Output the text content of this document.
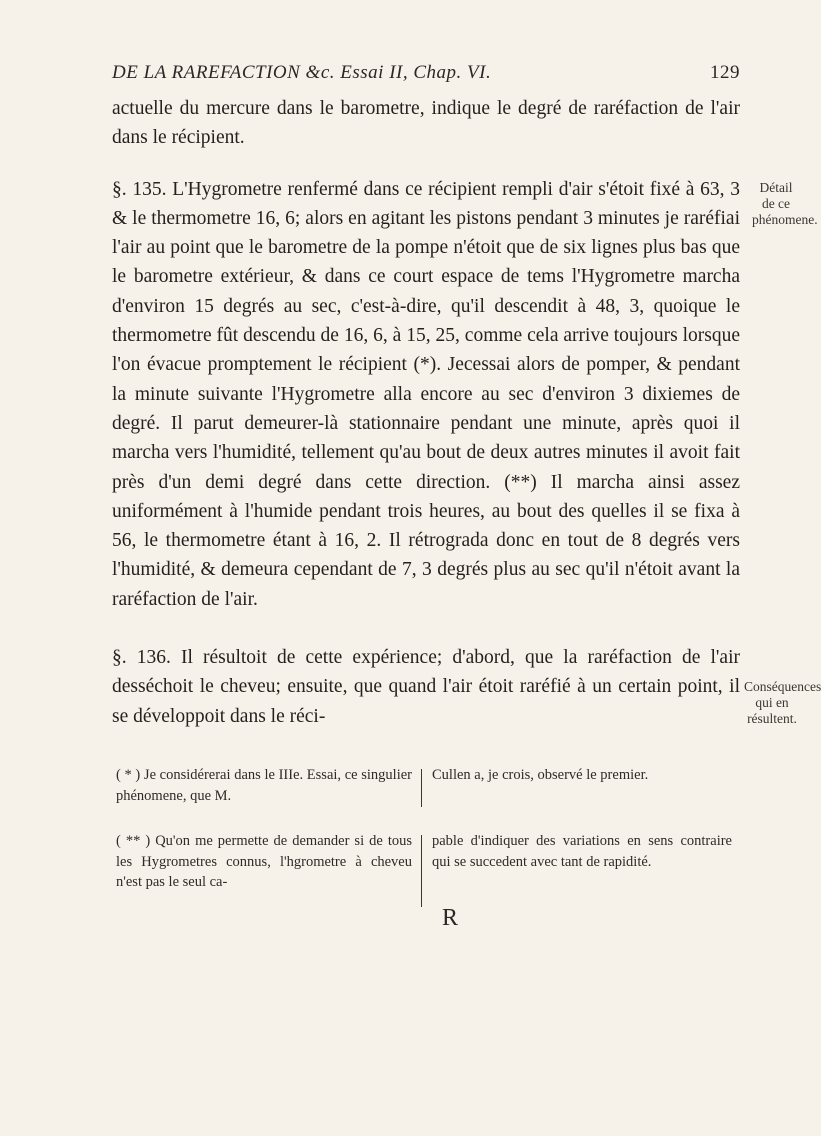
DE LA RAREFACTION &c. Essai II, Chap. VI.	129

actuelle du mercure dans le barometre, indique le degré de raréfaction de l'air dans le récipient.

§. 135. L'Hygrometre renfermé dans ce récipient rempli d'air s'étoit fixé à 63, 3 & le thermometre 16, 6; alors en agitant les pistons pendant 3 minutes je raréfiai l'air au point que le barometre de la pompe n'étoit que de six lignes plus bas que le barometre extérieur, & dans ce court espace de tems l'Hygrometre marcha d'environ 15 degrés au sec, c'est-à-dire, qu'il descendit à 48, 3, quoique le thermometre fût descendu de 16, 6, à 15, 25, comme cela arrive toujours lorsque l'on évacue promptement le récipient (*). Jecessai alors de pomper, & pendant la minute suivante l'Hygrometre alla encore au sec d'environ 3 dixiemes de degré. Il parut demeurer-là stationnaire pendant une minute, après quoi il marcha vers l'humidité, tellement qu'au bout de deux autres minutes il avoit fait près d'un demi degré dans cette direction. (**) Il marcha ainsi assez uniformément à l'humide pendant trois heures, au bout des quelles il se fixa à 56, le thermometre étant à 16, 2. Il rétrograda donc en tout de 8 degrés vers l'humidité, & demeura cependant de 7, 3 degrés plus au sec qu'il n'étoit avant la raréfaction de l'air.

§. 136. Il résultoit de cette expérience; d'abord, que la raréfaction de l'air desséchoit le cheveu; ensuite, que quand l'air étoit raréfié à un certain point, il se développoit dans le réci-

Détail de ce phénomene.
Conséquences qui en résultent.
( * ) Je considérerai dans le IIIe. Essai, ce singulier phénomene, que M.
Cullen a, je crois, observé le premier.
( ** ) Qu'on me permette de demander si de tous les Hygrometres connus, l'hgrometre à cheveu n'est pas le seul ca-
pable d'indiquer des variations en sens contraire qui se succedent avec tant de rapidité.
R
